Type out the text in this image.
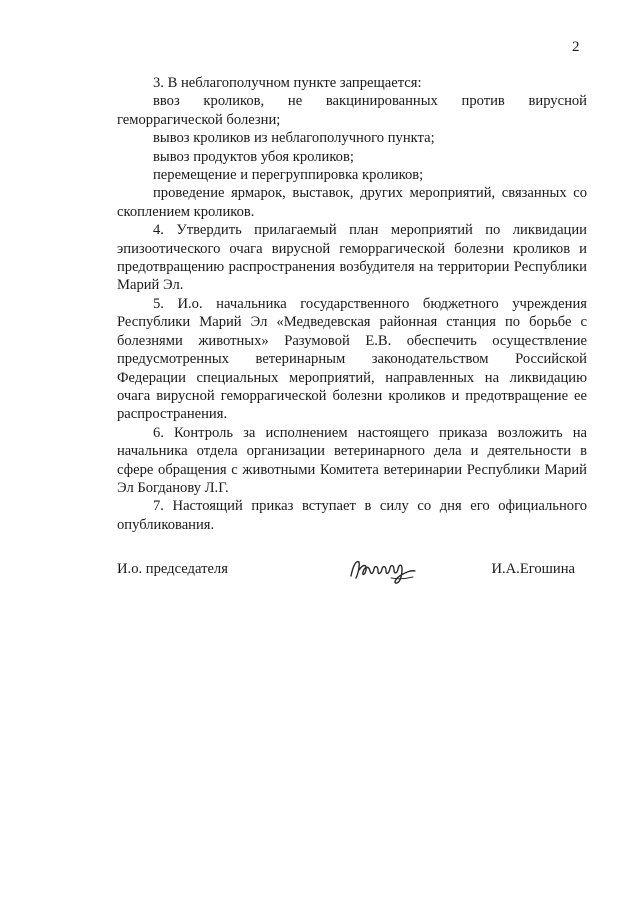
2

3. В неблагополучном пункте запрещается:

ввоз кроликов, не вакцинированных против вирусной геморрагической болезни;

вывоз кроликов из неблагополучного пункта;

вывоз продуктов убоя кроликов;

перемещение и перегруппировка кроликов;

проведение ярмарок, выставок, других мероприятий, связанных со скоплением кроликов.

4. Утвердить прилагаемый план мероприятий по ликвидации эпизоотического очага вирусной геморрагической болезни кроликов и предотвращению распространения возбудителя на территории Республики Марий Эл.

5. И.о. начальника государственного бюджетного учреждения Республики Марий Эл «Медведевская районная станция по борьбе с болезнями животных» Разумовой Е.В. обеспечить осуществление предусмотренных ветеринарным законодательством Российской Федерации специальных мероприятий, направленных на ликвидацию очага вирусной геморрагической болезни кроликов и предотвращение ее распространения.

6. Контроль за исполнением настоящего приказа возложить на начальника отдела организации ветеринарного дела и деятельности в сфере обращения с животными Комитета ветеринарии Республики Марий Эл Богданову Л.Г.

7. Настоящий приказ вступает в силу со дня его официального опубликования.

И.о. председателя	И.А.Егошина
